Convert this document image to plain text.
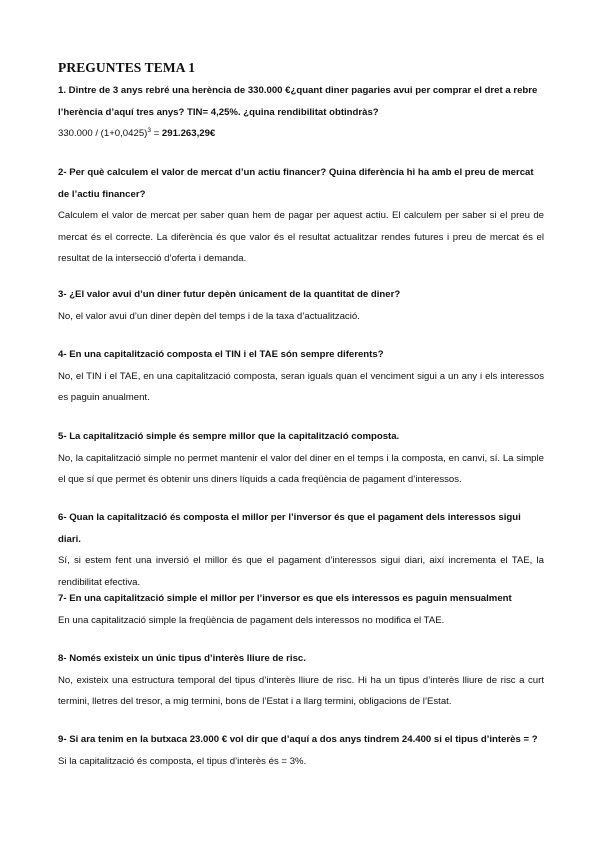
PREGUNTES TEMA 1
1. Dintre de 3 anys rebré una herència de 330.000 €¿quant diner pagaries avui per comprar el dret a rebre l’herència d’aquí tres anys? TIN= 4,25%. ¿quina rendibilitat obtindràs?
$330.000 / (1+0,0425)^3$ = 291.263,29€
2- Per què calculem el valor de mercat d’un actiu financer? Quina diferència hi ha amb el preu de mercat de l’actiu financer?
Calculem el valor de mercat per saber quan hem de pagar per aquest actiu. El calculem per saber si el preu de mercat és el correcte. La diferència és que valor és el resultat actualitzar rendes futures i preu de mercat és el resultat de la intersecció d’oferta i demanda.
3- ¿El valor avui d’un diner futur depèn únicament de la quantitat de diner?
No, el valor avui d’un diner depèn del temps i de la taxa d’actualització.
4- En una capitalització composta el TIN i el TAE són sempre diferents?
No, el TIN i el TAE, en una capitalització composta, seran iguals quan el venciment sigui a un any i els interessos es paguin anualment.
5- La capitalització simple és sempre millor que la capitalització composta.
No, la capitalització simple no permet mantenir el valor del diner en el temps i la composta, en canvi, sí. La simple el que sí que permet és obtenir uns diners líquids a cada freqüència de pagament d’interessos.
6- Quan la capitalització és composta el millor per l’inversor és que el pagament dels interessos sigui diari.
Sí, si estem fent una inversió el millor és que el pagament d’interessos sigui diari, així incrementa el TAE, la rendibilitat efectiva.
7- En una capitalització simple el millor per l’inversor es que els interessos es paguin mensualment
En una capitalització simple la freqüència de pagament dels interessos no modifica el TAE.
8- Només existeix un únic tipus d’interès lliure de risc.
No, existeix una estructura temporal del tipus d’interès lliure de risc. Hi ha un tipus d’interès lliure de risc a curt termini, lletres del tresor, a mig termini, bons de l’Estat i a llarg termini, obligacions de l’Estat.
9- Si ara tenim en la butxaca 23.000 € vol dir que d’aquí a dos anys tindrem 24.400 si el tipus d’interès = ?
Si la capitalització és composta, el tipus d’interès és = 3%.
